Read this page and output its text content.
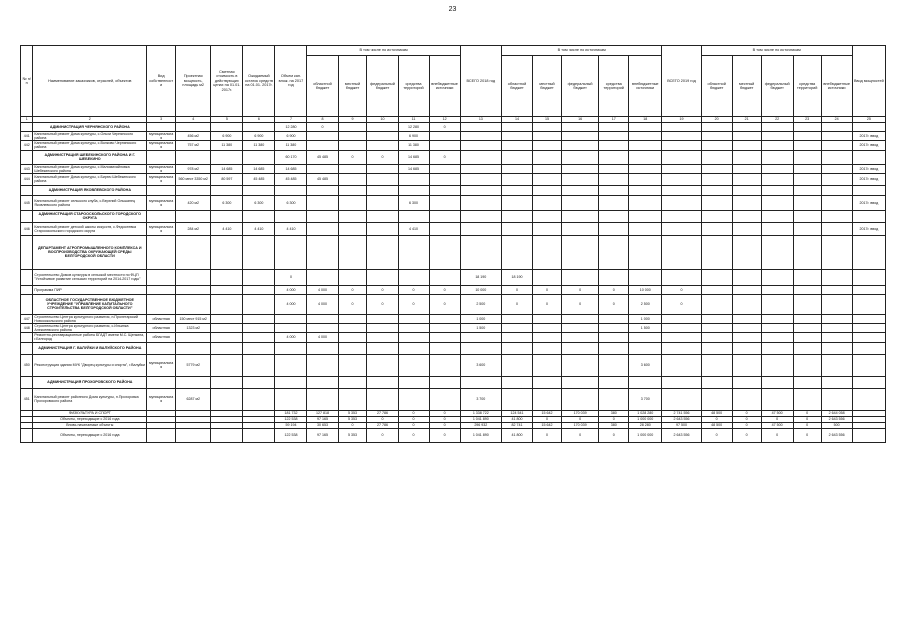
23
№ п/п	Наименование заказчиков, отраслей, объектов	Вид собственности	Проектная мощность, площадь м2	Сметная стоимость в действующих ценах на 01.01. 2017г.	Ожидаемый остаток средств на 01.01. 2017г.	Объем кап. влож. на 2017 год	В том числе по источникам					ВСЕГО 2018 год	В том числе по источникам					ВСЕГО 2019 год	В том числе по источникам					Ввод мощностей
							областной бюджет	местный бюджет	федеральный бюджет	средства территорий	внебюджетные источники		областной бюджет	местный бюджет	федеральный бюджет	средства территорий	внебюджетные источники		областной бюджет	местный бюджет	федеральный бюджет	средства территорий	внебюджетные источники	
1	2	3	4	5	6	7	8	9	10	11	12	13	14	15	16	17	18	19	20	21	22	23	24	25
	АДМИНИСТРАЦИЯ ЧЕРНЯНСКОГО РАЙОНА					12 280	0			12 280	0													
441	Капитальный ремонт Дома культуры, с.Ольхи Чернянского района	муниципальная	456 м2	6 900	6 900	6 900				6 900														2017г. ввод
442	Капитальный ремонт Дома культуры, с.Волково Чернянского района	муниципальная	757 м2	11 380	11 380	11 380				11 380														2017г. ввод
	АДМИНИСТРАЦИЯ ШЕБЕКИНСКОГО РАЙОНА И Г. ШЕБЕКИНО					60 170	45 485	0	0	14 685	0													
443	Капитальный ремонт Дома культуры, с.Маломихайловка Шебекинского района	муниципальная	978 м2	14 685	14 685	14 685				14 685														2017г. ввод
444	Капитальный ремонт Дома культуры, с.Бирюч Шебекинского района	муниципальная	560 мест 3350 м2	80 597	45 485	45 485	45 485																	2017г. ввод
	АДМИНИСТРАЦИЯ ЯКОВЛЕВСКОГО РАЙОНА																							
445	Капитальный ремонт сельского клуба, с.Верхний Ольшанец Яковлевского района	муниципальная	420 м2	6 300	6 300	6 300				6 300														2017г. ввод
	АДМИНИСТРАЦИЯ СТАРООСКОЛЬСКОГО ГОРОДСКОГО ОКРУГА																							
446	Капитальный ремонт детской школы искусств, с.Федосеевка Старооскольского городского округа	муниципальная	284 м2	4 410	4 410	4 410				4 410														2017г. ввод
	ДЕПАРТАМЕНТ АГРОПРОМЫШЛЕННОГО КОМПЛЕКСА И ВОСПРОИЗВОДСТВА ОКРУЖАЮЩЕЙ СРЕДЫ БЕЛГОРОДСКОЙ ОБЛАСТИ																							
	Строительство Домов культуры в сельской местности по ФЦП "Устойчивое развитие сельских территорий на 2014-2017 годы"					0						18 190	18 190											
	Программа ПИР					4 000	4 000	0	0	0	0	10 000	0	0	0	0	10 000	0						
	ОБЛАСТНОЕ ГОСУДАРСТВЕННОЕ БЮДЖЕТНОЕ УЧРЕЖДЕНИЕ "УПРАВЛЕНИЕ КАПИТАЛЬНОГО СТРОИТЕЛЬСТВА БЕЛГОРОДСКОЙ ОБЛАСТИ"					4 000	4 000	0	0	0	0	2 500	0	0	0	0	2 500	0						
447	Строительство Центра культурного развития, п.Пролетарский Новооскольского района	областная	150 мест 915 м2									1 000					1 000							
448	Строительство Центра культурного развития, с.Ильинка Алексеевского района	областная	1323 м2									1 500					1 500							
	Ремонтно-реставрационные работы БГАДТ имени М.С. Щепкина, г.Белгород	областная				4 000	4 000																	
	АДМИНИСТРАЦИЯ Г. ВАЛУЙКИ И ВАЛУЙСКОГО РАЙОНА																							
450	Реконструкция здания МУК "Дворец культуры и спорта", г.Валуйки	муниципальная	5779 м2									3 600					3 600							
	АДМИНИСТРАЦИЯ ПРОХОРОВСКОГО РАЙОНА																							
451	Капитальный ремонт районного Дома культуры, п.Прохоровка Прохоровского района	муниципальная	6287 м2									3 700					3 700							
	ФИЗКУЛЬТУРА И СПОРТ					181 732	127 818	5 353	27 786	0	0	1 338 722	124 541	15 642	170 039	380	1 028 280	2 741 556	48 500	0	47 500	0	2 644 058	
	Объекты, переходящие с 2016 года					122 538	97 165	5 353	0	0	0	1 041 890	41 800	0	0	0	1 000 000	2 643 556	0	0	0	0	2 643 556	
	Вновь начинаемые объекты					59 194	30 653	0	27 786	0	0	296 932	82 741	15 642	170 039	380	28 280	97 500	48 500	0	47 500	0	500	
	Объекты, переходящие с 2016 года					122 538	97 165	5 353	0	0	0	1 041 890	41 800	0	0	0	1 000 000	2 643 556	0	0	0	0	2 643 556	
